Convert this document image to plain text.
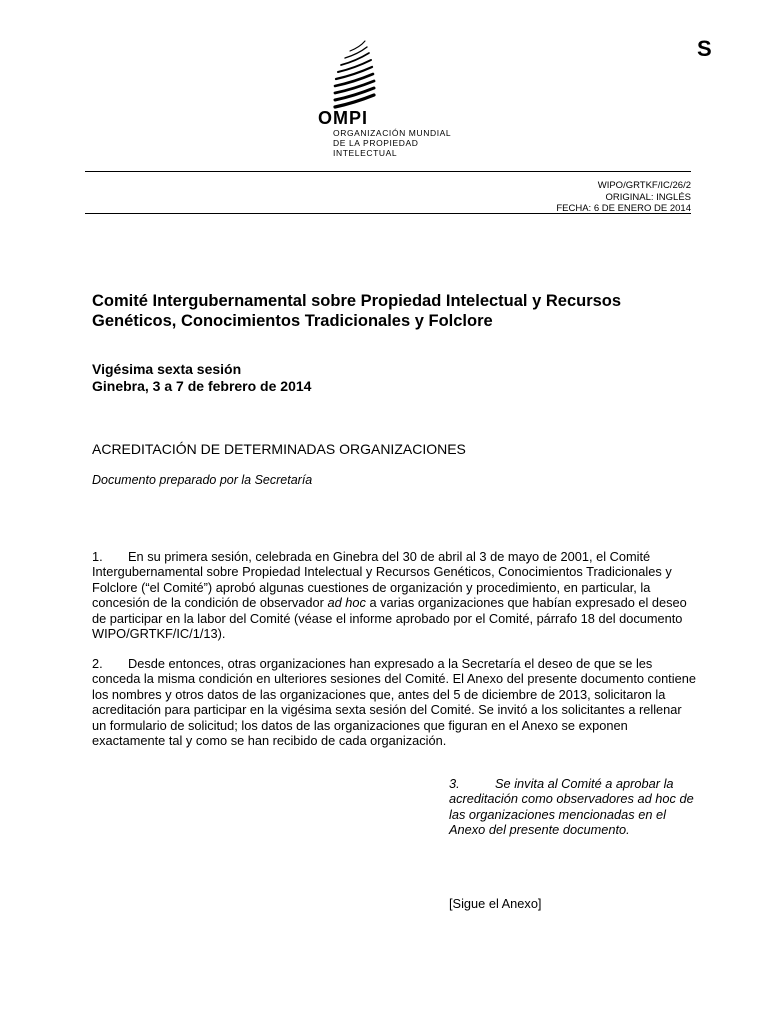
S
OMPI
ORGANIZACIÓN MUNDIAL
DE LA PROPIEDAD
INTELECTUAL
WIPO/GRTKF/IC/26/2
ORIGINAL: INGLÉS
FECHA: 6 DE ENERO DE 2014
Comité Intergubernamental sobre Propiedad Intelectual y Recursos Genéticos, Conocimientos Tradicionales y Folclore
Vigésima sexta sesión
Ginebra, 3 a 7 de febrero de 2014
ACREDITACIÓN DE DETERMINADAS ORGANIZACIONES
Documento preparado por la Secretaría
1. En su primera sesión, celebrada en Ginebra del 30 de abril al 3 de mayo de 2001, el Comité Intergubernamental sobre Propiedad Intelectual y Recursos Genéticos, Conocimientos Tradicionales y Folclore (“el Comité”) aprobó algunas cuestiones de organización y procedimiento, en particular, la concesión de la condición de observador ad hoc a varias organizaciones que habían expresado el deseo de participar en la labor del Comité (véase el informe aprobado por el Comité, párrafo 18 del documento WIPO/GRTKF/IC/1/13).
2. Desde entonces, otras organizaciones han expresado a la Secretaría el deseo de que se les conceda la misma condición en ulteriores sesiones del Comité. El Anexo del presente documento contiene los nombres y otros datos de las organizaciones que, antes del 5 de diciembre de 2013, solicitaron la acreditación para participar en la vigésima sexta sesión del Comité. Se invitó a los solicitantes a rellenar un formulario de solicitud; los datos de las organizaciones que figuran en el Anexo se exponen exactamente tal y como se han recibido de cada organización.
3.	Se invita al Comité a aprobar la acreditación como observadores ad hoc de las organizaciones mencionadas en el Anexo del presente documento.
[Sigue el Anexo]
